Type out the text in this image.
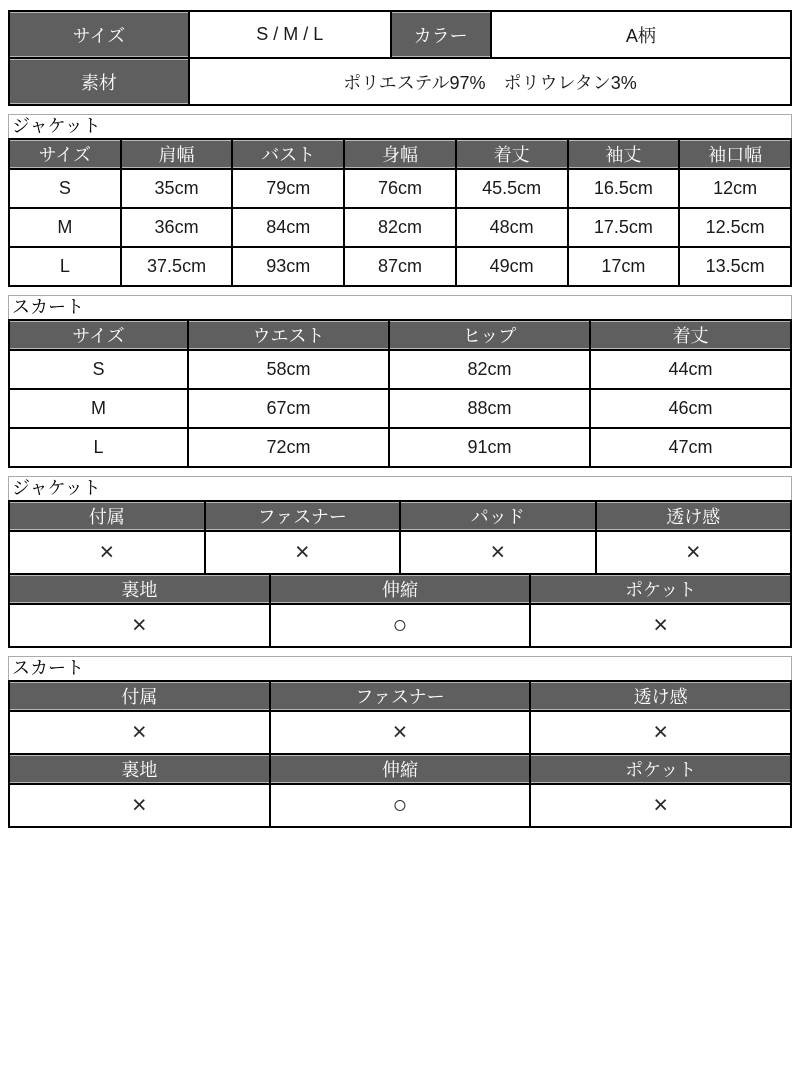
サイズ	S / M / L	カラー	A柄
素材	ポリエステル97%　ポリウレタン3%		
ジャケット
サイズ	肩幅	バスト	身幅	着丈	袖丈	袖口幅
S	35cm	79cm	76cm	45.5cm	16.5cm	12cm
M	36cm	84cm	82cm	48cm	17.5cm	12.5cm
L	37.5cm	93cm	87cm	49cm	17cm	13.5cm
スカート
サイズ	ウエスト	ヒップ	着丈
S	58cm	82cm	44cm
M	67cm	88cm	46cm
L	72cm	91cm	47cm
ジャケット
付属	ファスナー	パッド	透け感
×	×	×	×
裏地	伸縮	ポケット
×	○	×
スカート
付属	ファスナー	透け感
×	×	×
裏地	伸縮	ポケット
×	○	×
